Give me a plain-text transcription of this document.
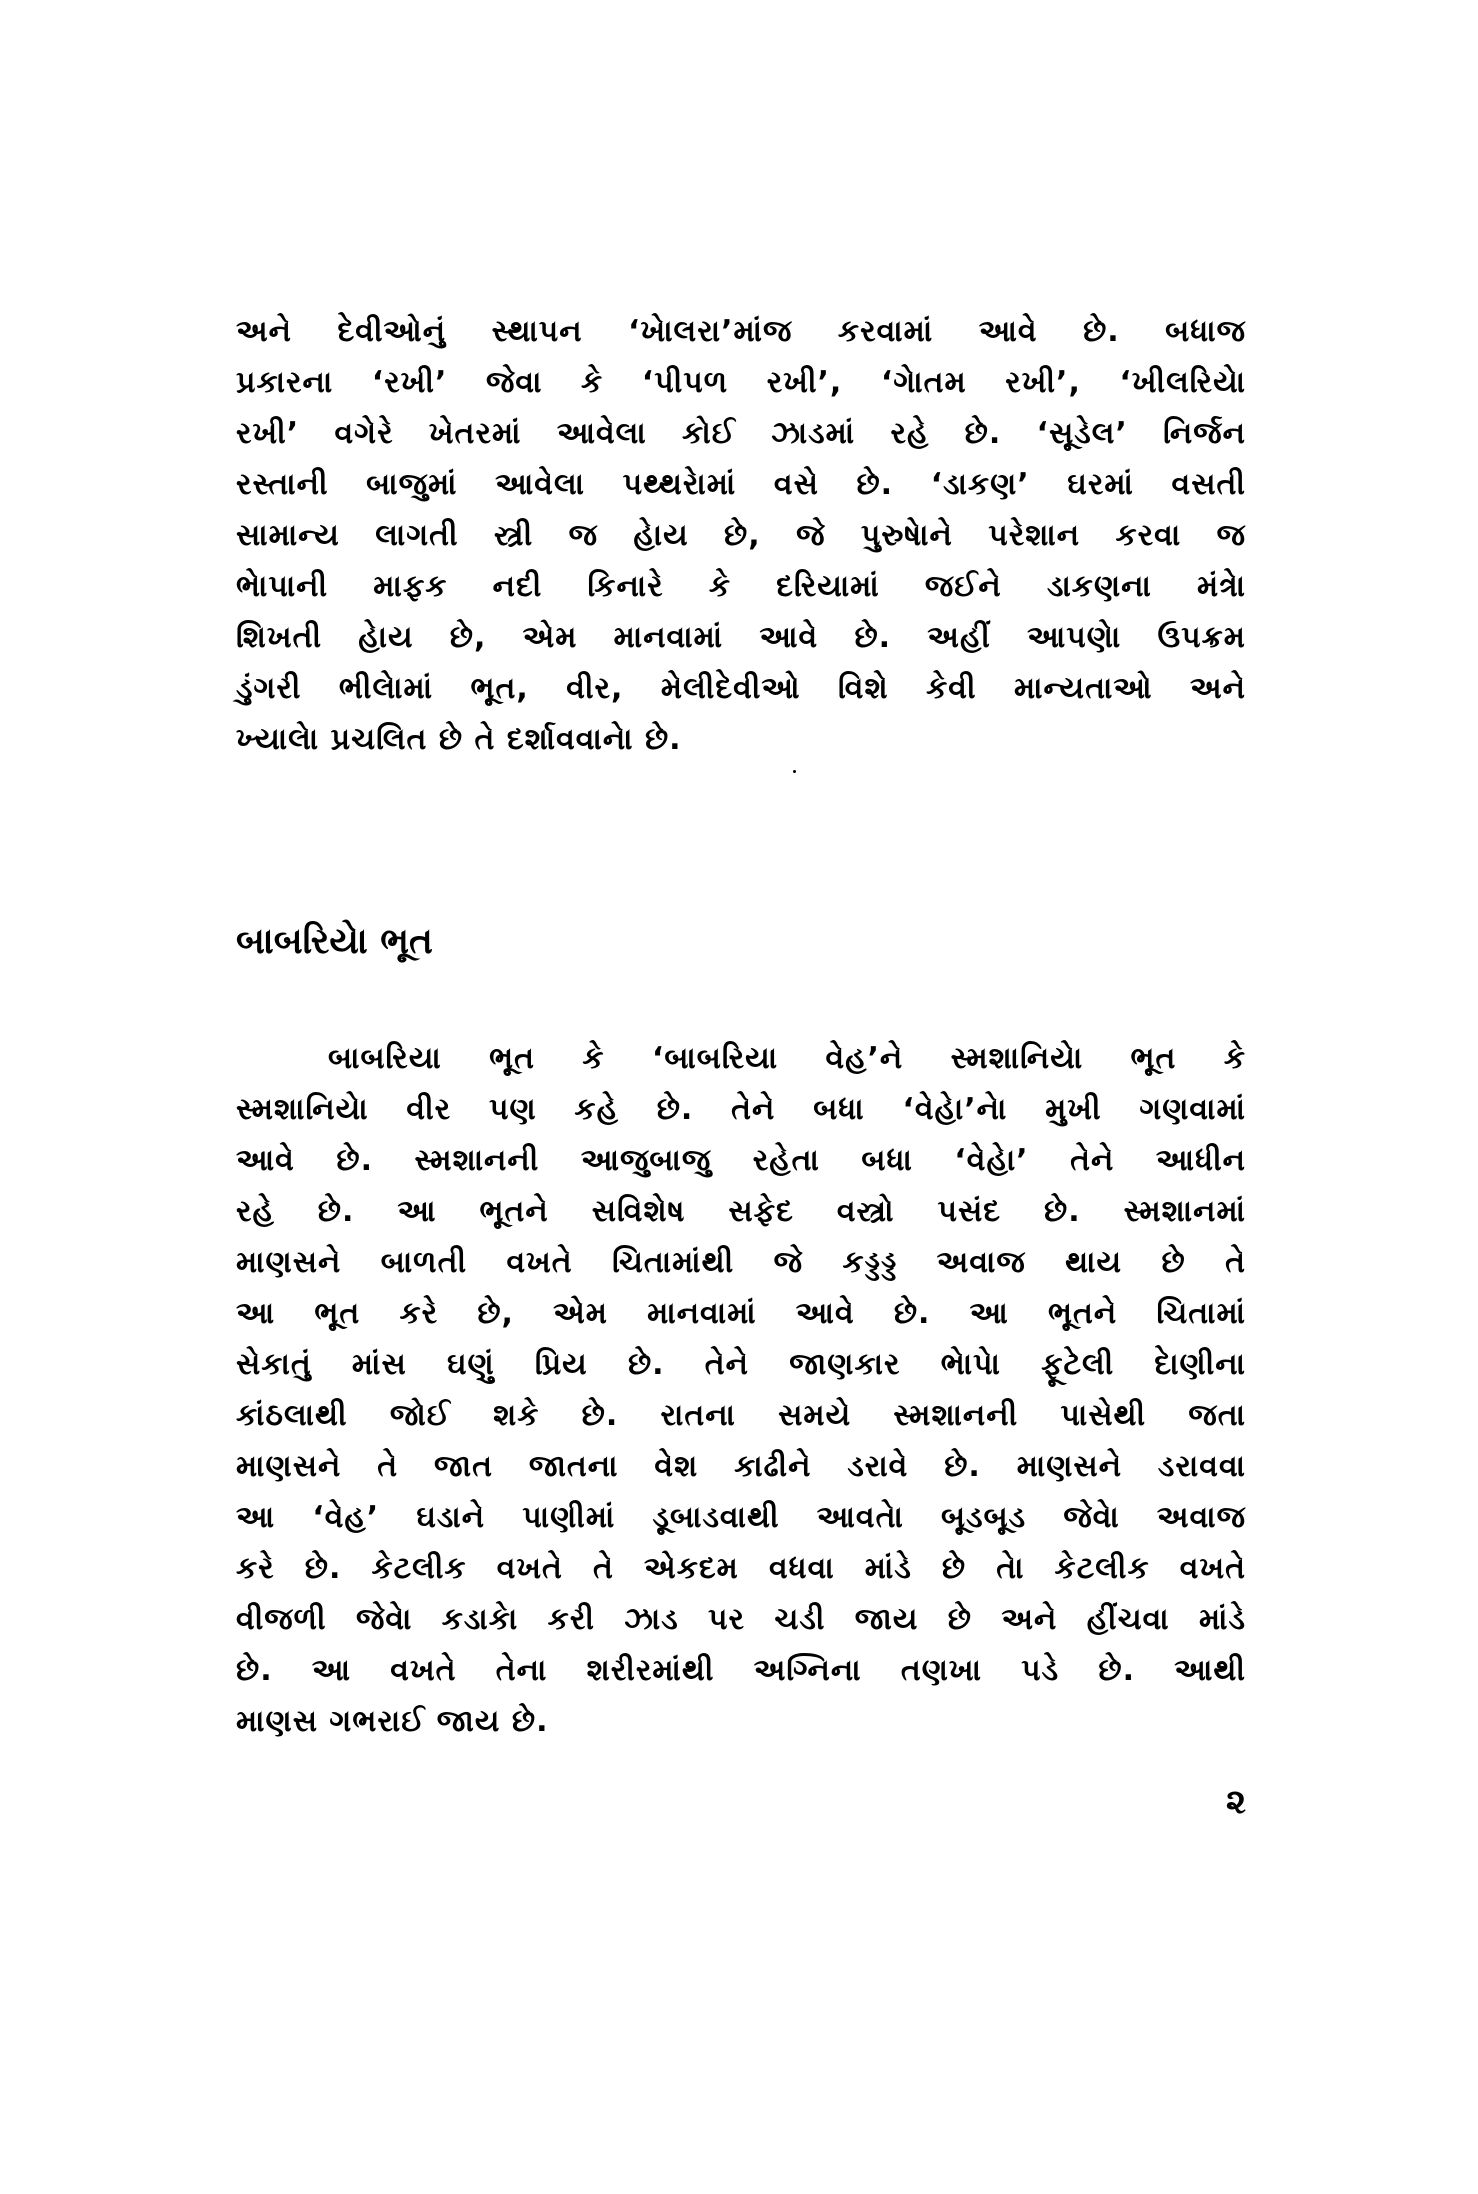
અને દેવીઓનું સ્થાપન ‘ખેાલરા’માંજ કરવામાં આવે છે. બધાજ
પ્રકારના ‘રખી’ જેવા કે ‘પીપળ રખી’, ‘ગેાતમ રખી’, ‘ખીલરિયેા
રખી’ વગેરે ખેતરમાં આવેલા કોઈ ઝાડમાં રહે છે. ‘સૂડેલ’ નિર્જન
રસ્તાની બાજુમાં આવેલા પથ્થરેામાં વસે છે. ‘ડાકણ’ ઘરમાં વસતી
સામાન્ય લાગતી સ્ત્રી જ હેાય છે, જે પુરુષેાને પરેશાન કરવા જ
ભેાપાની માફક નદી કિનારે કે દરિયામાં જઈને ડાકણના મંત્રેા
શિખતી હેાય છે, એમ માનવામાં આવે છે. અહીં આપણેા ઉપક્રમ
ડુંગરી ભીલેામાં ભૂત, વીર, મેલીદેવીઓ વિશે કેવી માન્યતાઓ અને
ખ્યાલેા પ્રચલિત છે તે દર્શાવવાનેા છે.
બાબરિયેા ભૂત
બાબરિયા ભૂત કે ‘બાબરિયા વેહ’ને સ્મશાનિયેા ભૂત કે
સ્મશાનિયેા વીર પણ કહે છે. તેને બધા ‘વેહેા’નેા મુખી ગણવામાં
આવે છે. સ્મશાનની આજુબાજુ રહેતા બધા ‘વેહેા’ તેને આધીન
રહે છે. આ ભૂતને સવિશેષ સફેદ વસ્ત્રો પસંદ છે. સ્મશાનમાં
માણસને બાળતી વખતે ચિતામાંથી જે કડ્ડડ્ડ અવાજ થાય છે તે
આ ભૂત કરે છે, એમ માનવામાં આવે છે. આ ભૂતને ચિતામાં
સેકાતું માંસ ઘણું પ્રિય છે. તેને જાણકાર ભેાપેા ફૂટેલી દેાણીના
કાંઠલાથી જોઈ શકે છે. રાતના સમયે સ્મશાનની પાસેથી જતા
માણસને તે જાત જાતના વેશ કાઢીને ડરાવે છે. માણસને ડરાવવા
આ ‘વેહ’ ઘડાને પાણીમાં ડૂબાડવાથી આવતેા બૂડબૂડ જેવેા અવાજ
કરે છે. કેટલીક વખતે તે એકદમ વધવા માંડે છે તેા કેટલીક વખતે
વીજળી જેવેા કડાકેા કરી ઝાડ પર ચડી જાય છે અને હીંચવા માંડે
છે. આ વખતે તેના શરીરમાંથી અગ્નિના તણખા પડે છે. આથી
માણસ ગભરાઈ જાય છે.
૨
